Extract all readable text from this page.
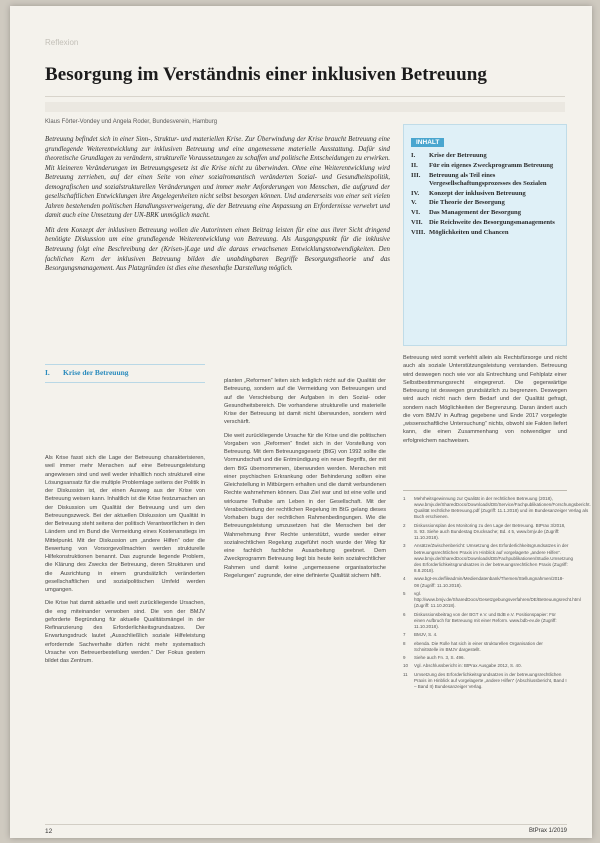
Reflexion
Besorgung im Verständnis einer inklusiven Betreuung
Klaus Förter-Vondey und Angela Roder, Bundesverein, Hamburg

Betreuung befindet sich in einer Sinn-, Struktur- und materiellen Krise. Zur Überwindung der Krise braucht Betreuung eine grundlegende Weiterentwicklung zur inklusiven Betreuung und eine angemessene materielle Ausstattung. Dafür sind theoretische Grundlagen zu verändern, strukturelle Voraussetzungen zu schaffen und politische Entscheidungen zu erwirken. Mit kleineren Veränderungen im Betreuungsgesetz ist die Krise nicht zu überwinden. Ohne eine Weiterentwicklung wird Betreuung zerrieben, auf der einen Seite von einer sozialromantisch veränderten Sozial- und Gesundheitspolitik, demografischen und sozialstrukturellen Veränderungen und immer mehr Anforderungen von Menschen, die aufgrund der gesellschaftlichen Entwicklungen ihre Angelegenheiten nicht selbst besorgen können. Und andererseits von einer seit vielen Jahren bestehenden politischen Handlungsverweigerung, die der Betreuung eine Anpassung an Erfordernisse verwehrt und damit auch eine Umsetzung der UN-BRK unmöglich macht.

Mit dem Konzept der inklusiven Betreuung wollen die Autorinnen einen Beitrag leisten für eine aus ihrer Sicht dringend benötigte Diskussion um eine grundlegende Weiterentwicklung von Betreuung. Als Ausgangspunkt für die inklusive Betreuung folgt eine Beschreibung der (Krisen-)Lage und die daraus erwachsenen Entwicklungsnotwendigkeiten. Den fachlichen Kern der inklusiven Betreuung bilden die unabdingbaren Begriffe Besorgungstheorie und das Besorgungsmanagement. Aus Platzgründen ist dies eine thesenhafte Darstellung möglich.

INHALT
I.	Krise der Betreuung
II.	Für ein eigenes Zweckprogramm Betreuung
III.	Betreuung als Teil eines Vergesellschaftungsprozesses des Sozialen
IV.	Konzept der inklusiven Betreuung
V.	Die Theorie der Besorgung
VI.	Das Management der Besorgung
VII. Die Reichweite des Besorgungsmanagements
VIII. Möglichkeiten und Chancen
I.	Krise der Betreuung

Als Krise fasst sich die Lage der Betreuung charakterisieren, weil immer mehr Menschen auf eine Betreuungsleistung angewiesen sind und weil weder inhaltlich noch strukturell eine Lösungsansatz für die multiple Problemlage seitens der Politik in der Diskussion ist, der einen Ausweg aus der Krise von Betreuung weisen kann. Inhaltlich ist die Krise festzumachen an der Diskussion um Qualität der Betreuung und um den Betreuungszweck. Bei der aktuellen Diskussion um Qualität in der Betreuung steht seitens der politisch Verantwortlichen in den Ländern und im Bund die Vermeidung eines Kostenanstiegs im Mittelpunkt. Mit der Diskussion um „andere Hilfen“ oder die Bewertung von Vorsorgevollmachten werden strukturelle Hilfekonstruktionen benannt. Das zugrunde liegende Problem, die Klärung des Zwecks der Betreuung, deren Strukturen und die Ausrichtung in einem grundsätzlich veränderten gesellschaftlichen und sozialpolitischen Umfeld werden umgangen.

Die Krise hat damit aktuelle und weit zurückliegende Ursachen, die eng miteinander verwoben sind. Die von der BMJV geforderte Begründung für aktuelle Qualitätsmängel in der Refinanzierung des Erforderlichkeitsgrundsatzes. Der Erwartungsdruck lautet „Ausschließlich soziale Hilfeleistung erfordernde Sachverhalte dürfen nicht mehr systematisch Ursache von Betreuerbestellung werden.“ Der Fokus gestern bildet das Zentrum.

planten „Reformen“ leiten sich lediglich nicht auf die Qualität der Betreuung, sondern auf die Vermeidung von Betreuungen und auf die Verschiebung der Aufgaben in den Sozial- oder Gesundheitsbereich. Die vorhandene strukturelle und materielle Krise der Betreuung ist damit nicht überwunden, sondern wird verschärft.

Die weit zurückliegende Ursache für die Krise und die politischen Vorgaben von „Reformen“ findet sich in der Vorstellung von Betreuung. Mit dem Betreuungsgesetz (BtG) von 1992 sollte die Vormundschaft und die Entmündigung ein neuer Begriffs, der mit dem BtG übernommenen, überwunden werden. Menschen mit einer psychischen Erkrankung oder Behinderung sollten eine Gleichstellung in Mitbürgern erhalten und die damit verbundenen Rechte wahrnehmen können. Das Ziel war und ist eine volle und wirksame Teilhabe am Leben in der Gesellschaft. Mit der Verabschiedung der rechtlichen Regelung im BtG gelang dieses Vorhaben bugs der rechtlichen Rahmenbedingungen. Wie die Betreuungsleistung umzusetzen hat die Menschen bei der Wahrnehmung ihrer Rechte unterstützt, wurde weder einer sozialrechtlichen Regelung zugeführt noch wurde der Weg für eine fachlich fachliche Ausarbeitung geebnet. Dem Zweckprogramm Betreuung liegt bis heute kein sozialrechtlicher Rahmen und damit keine „ungemessene organisatorische Regelungen“ zugrunde, der eine definierte Qualität sichern hilft.

Betreuung wird somit verfehlt allein als Rechtsfürsorge und nicht auch als soziale Unterstützungsleistung verstanden. Betreuung wird deswegen noch wie vor als Entrechtung und Fehlplatz einer Selbstbestimmungsrecht eingegrenzt. Die gegenwärtige Betreuung ist deswegen grundsätzlich zu begrenzen. Deswegen wird auch nicht nach dem Bedarf und der Qualität gefragt, sondern nach Möglichkeiten der Begrenzung. Daran ändert auch die vom BMJV in Auftrag gegebene und Ende 2017 vorgelegte „wissenschaftliche Untersuchung“ nichts, obwohl sie Fakten liefert kann, die einen Zusammenhang von notwendiger und erfolgreichem nachweisen.

1	Mehrheitsgewinnung zur Qualität in der rechtlichen Betreuung (2018), www.bmjv.de/SharedDocs/Downloads/DE/Service/Fachpublikationen/Forschungsbericht. Qualität rechtliche Betreuung.pdf (Zugriff: 11.1.2018) und im Bundesanzeiger Verlag als Buch erschienen.
2	Diskussionsplan des Monitoring zu den Lage der Betreuung. BtPrax 3/2018, S. 93. Siehe auch Bundestag Drucksache; Bd. 4 5, www.bmjv.de (Zugriff: 11.10.2018).
3	Ansätze/Zwischenbericht: Umsetzung des Erforderlichkeitsgrundsatzes in der betreuungsrechtlichen Praxis im Hinblick auf vorgelagerte „andere Hilfen“. www.bmjv.de/SharedDocs/Downloads/DE/Fachpublikationen/Studie.Umsetzung des Erforderlichkeitsgrundsatzes in der betreuungsrechtlichen Praxis (Zugriff: 8.8.2018).
4	www.bgt-ev.de/fileadmin/Mediendatenbank/Themen/Stellungnahmen/2018-08 (Zugriff: 11.10.2018).
5	vgl. http://www.bmjv.de/SharedDocs/Gesetzgebungsverfahren/DE/Betreuungsrecht.html (Zugriff: 11.10.2018).
6	Diskussionsbeitrag von der BGT e.V. und BdB e.V. Positionspapier: Für einen Aufbruch für Betreuung mit einer Reform. www.bdb-ev.de (Zugriff: 11.10.2018).
7	BMJV, S. 4.
8	ebenda. Die Rolle hat sich in einer strukturellen Organisation der Schnittstelle im BMJV dargestellt.
9	Siehe auch Fn. 3, S. 496.
10	Vgl. Abschlussbericht in: BtPrax Ausgabe 2012, S. 40.
11	Umsetzung des Erforderlichkeitsgrundsatzes in der betreuungsrechtlichen Praxis im Hinblick auf vorgelagerte „andere Hilfen“ (Abschlussbericht, Band I – Band II) Bundesanzeiger Verlag.
12	BtPrax 1/2019
